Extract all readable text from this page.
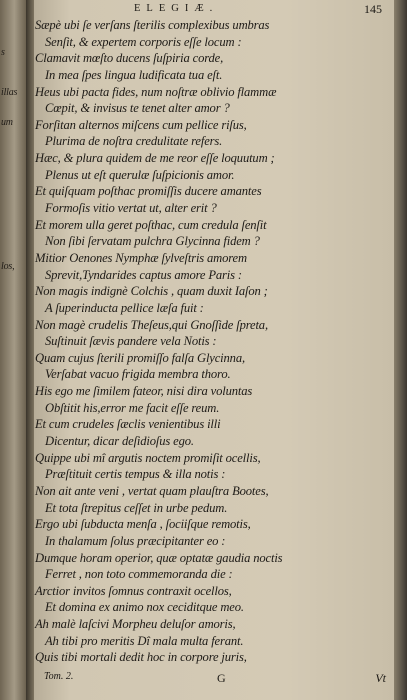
s
illas
um
los,
ELEGIÆ.	145
Sæpè ubi ſe verſans ſterilis complexibus umbras
Senſit, & expertem corporis eſſe locum :
Clamavit mœſto ducens ſuſpiria corde,
In mea ſpes lingua ludificata tua eſt.
Heus ubi pacta fides, num noſtræ oblivio flammæ
Cœpit, & invisus te tenet alter amor ?
Forſitan alternos miſcens cum pellice riſus,
Plurima de noſtra credulitate refers.
Hæc, & plura quidem de me reor eſſe loquutum ;
Plenus ut eſt querulæ ſuſpicionis amor.
Et quiſquam poſthac promiſſis ducere amantes
Formoſis vitio vertat ut, alter erit ?
Et morem ulla geret poſthac, cum credula ſenſit
Non ſibi ſervatam pulchra Glycinna fidem ?
Mitior Oenones Nymphæ ſylveſtris amorem
Sprevit,Tyndarides captus amore Paris :
Non magis indignè Colchis , quam duxit Iaſon ;
A ſuperinducta pellice læſa fuit :
Non magè crudelis Theſeus,qui Gnoſſide ſpreta,
Suſtinuit ſævis pandere vela Notis :
Quam cujus ſterili promiſſo falſa Glycinna,
Verſabat vacuo frigida membra thoro.
His ego me ſimilem fateor, nisi dira voluntas
Obſtitit his,error me facit eſſe reum.
Et cum crudeles ſæclis venientibus illi
Dicentur, dicar deſidioſus ego.
Quippe ubi mî argutis noctem promiſit ocellis,
Præſtituit certis tempus & illa notis :
Non ait ante veni , vertat quam plauſtra Bootes,
Et tota ſtrepitus ceſſet in urbe pedum.
Ergo ubi ſubducta menſa , ſociiſque remotis,
In thalamum ſolus præcipitanter eo :
Dumque horam operior, quæ optatæ gaudia noctis
Ferret , non toto commemoranda die :
Arctior invitos ſomnus contraxit ocellos,
Et domina ex animo nox ceciditque meo.
Ah malè laſcivi Morpheu deluſor amoris,
Ah tibi pro meritis Dî mala multa ferant.
Quis tibi mortali dedit hoc in corpore juris,
Tom. 2.	G	Vt
